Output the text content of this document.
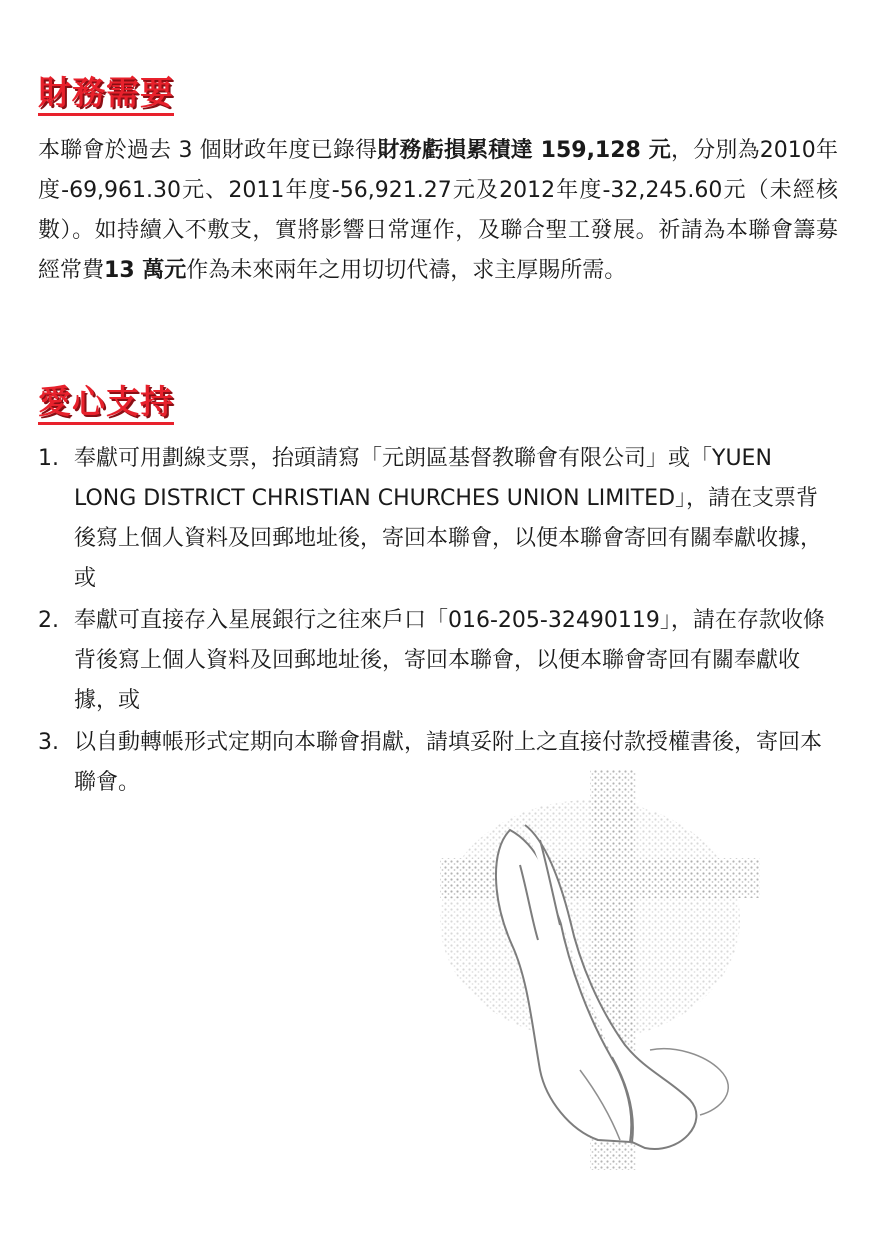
財務需要
本聯會於過去 3 個財政年度已錄得財務虧損累積達 159,128 元，分別為2010年度-69,961.30元、2011年度-56,921.27元及2012年度-32,245.60元（未經核數）。如持續入不敷支，實將影響日常運作，及聯合聖工發展。祈請為本聯會籌募經常費13 萬元作為未來兩年之用切切代禱，求主厚賜所需。
愛心支持
1. 奉獻可用劃線支票，抬頭請寫「元朗區基督教聯會有限公司」或「YUEN LONG DISTRICT CHRISTIAN CHURCHES UNION LIMITED」，請在支票背後寫上個人資料及回郵地址後，寄回本聯會，以便本聯會寄回有關奉獻收據，或
2. 奉獻可直接存入星展銀行之往來戶口「016-205-32490119」，請在存款收條背後寫上個人資料及回郵地址後，寄回本聯會，以便本聯會寄回有關奉獻收據，或
3. 以自動轉帳形式定期向本聯會捐獻，請填妥附上之直接付款授權書後，寄回本聯會。
